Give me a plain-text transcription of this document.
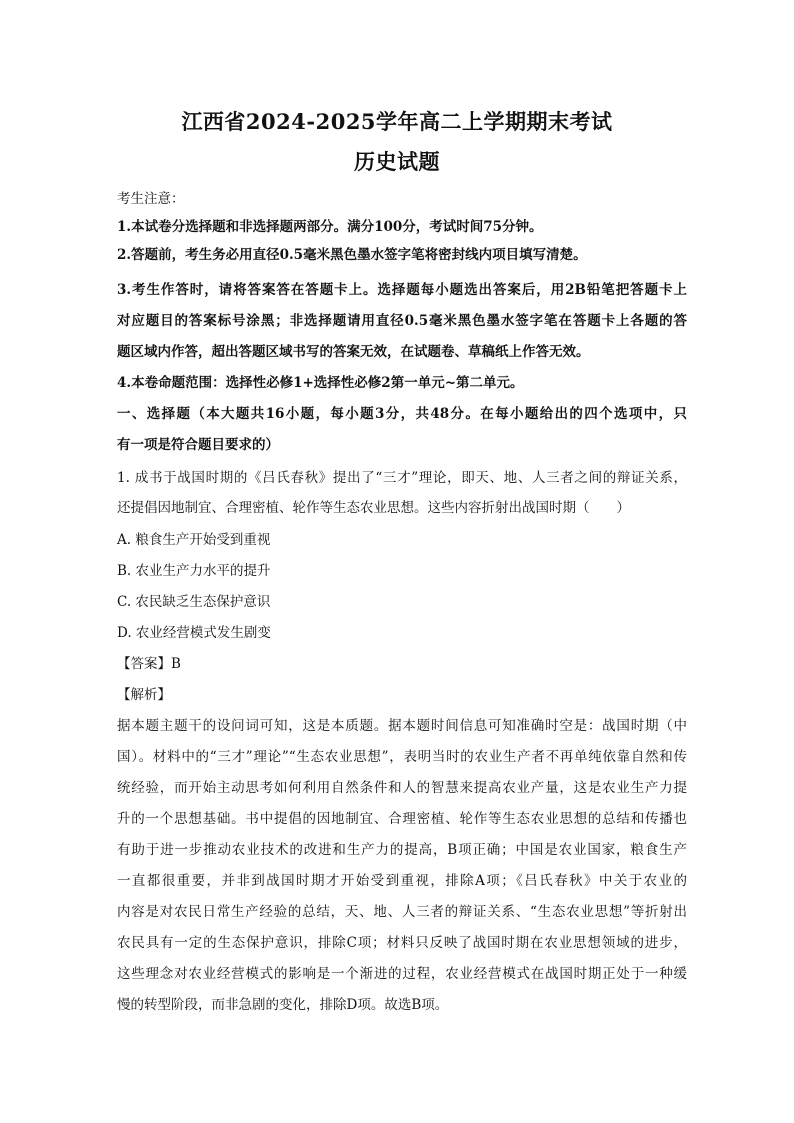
江西省2024-2025学年高二上学期期末考试
历史试题
考生注意：
1.本试卷分选择题和非选择题两部分。满分100分，考试时间75分钟。
2.答题前，考生务必用直径0.5毫米黑色墨水签字笔将密封线内项目填写清楚。
3.考生作答时，请将答案答在答题卡上。选择题每小题选出答案后，用2B铅笔把答题卡上
对应题目的答案标号涂黑；非选择题请用直径0.5毫米黑色墨水签字笔在答题卡上各题的答
题区域内作答，超出答题区域书写的答案无效，在试题卷、草稿纸上作答无效。
4.本卷命题范围：选择性必修1+选择性必修2第一单元~第二单元。
一、选择题（本大题共16小题，每小题3分，共48分。在每小题给出的四个选项中，只
有一项是符合题目要求的）
1. 成书于战国时期的《吕氏春秋》提出了“三才”理论，即天、地、人三者之间的辩证关系，
还提倡因地制宜、合理密植、轮作等生态农业思想。这些内容折射出战国时期（　　）
A. 粮食生产开始受到重视
B. 农业生产力水平的提升
C. 农民缺乏生态保护意识
D. 农业经营模式发生剧变
【答案】B
【解析】
据本题主题干的设问词可知，这是本质题。据本题时间信息可知准确时空是：战国时期（中
国）。材料中的“三才”理论”“生态农业思想”，表明当时的农业生产者不再单纯依靠自然和传
统经验，而开始主动思考如何利用自然条件和人的智慧来提高农业产量，这是农业生产力提
升的一个思想基础。书中提倡的因地制宜、合理密植、轮作等生态农业思想的总结和传播也
有助于进一步推动农业技术的改进和生产力的提高，B项正确；中国是农业国家，粮食生产
一直都很重要，并非到战国时期才开始受到重视，排除A项；《吕氏春秋》中关于农业的
内容是对农民日常生产经验的总结，天、地、人三者的辩证关系、“生态农业思想”等折射出
农民具有一定的生态保护意识，排除C项；材料只反映了战国时期在农业思想领域的进步，
这些理念对农业经营模式的影响是一个渐进的过程，农业经营模式在战国时期正处于一种缓
慢的转型阶段，而非急剧的变化，排除D项。故选B项。
